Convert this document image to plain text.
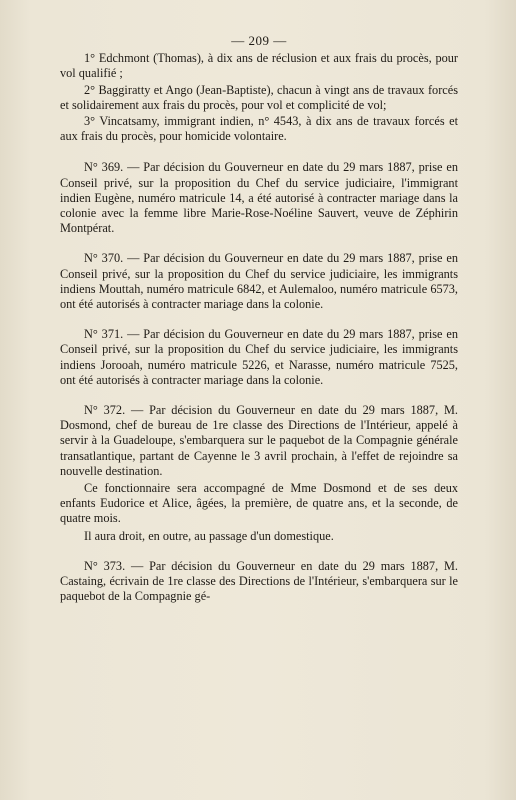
— 209 —

1° Edchmont (Thomas), à dix ans de réclusion et aux frais du procès, pour vol qualifié ;

2° Baggiratty et Ango (Jean-Baptiste), chacun à vingt ans de travaux forcés et solidairement aux frais du procès, pour vol et complicité de vol;

3° Vincatsamy, immigrant indien, n° 4543, à dix ans de travaux forcés et aux frais du procès, pour homicide volontaire.

N° 369. — Par décision du Gouverneur en date du 29 mars 1887, prise en Conseil privé, sur la proposition du Chef du service judiciaire, l'immigrant indien Eugène, numéro matricule 14, a été autorisé à contracter mariage dans la colonie avec la femme libre Marie-Rose-Noéline Sauvert, veuve de Zéphirin Montpérat.

N° 370. — Par décision du Gouverneur en date du 29 mars 1887, prise en Conseil privé, sur la proposition du Chef du service judiciaire, les immigrants indiens Mouttah, numéro matricule 6842, et Aulemaloo, numéro matricule 6573, ont été autorisés à contracter mariage dans la colonie.

N° 371. — Par décision du Gouverneur en date du 29 mars 1887, prise en Conseil privé, sur la proposition du Chef du service judiciaire, les immigrants indiens Jorooah, numéro matricule 5226, et Narasse, numéro matricule 7525, ont été autorisés à contracter mariage dans la colonie.

N° 372. — Par décision du Gouverneur en date du 29 mars 1887, M. Dosmond, chef de bureau de 1re classe des Directions de l'Intérieur, appelé à servir à la Guadeloupe, s'embarquera sur le paquebot de la Compagnie générale transatlantique, partant de Cayenne le 3 avril prochain, à l'effet de rejoindre sa nouvelle destination.

Ce fonctionnaire sera accompagné de Mme Dosmond et de ses deux enfants Eudorice et Alice, âgées, la première, de quatre ans, et la seconde, de quatre mois.

Il aura droit, en outre, au passage d'un domestique.

N° 373. — Par décision du Gouverneur en date du 29 mars 1887, M. Castaing, écrivain de 1re classe des Directions de l'Intérieur, s'embarquera sur le paquebot de la Compagnie gé-
